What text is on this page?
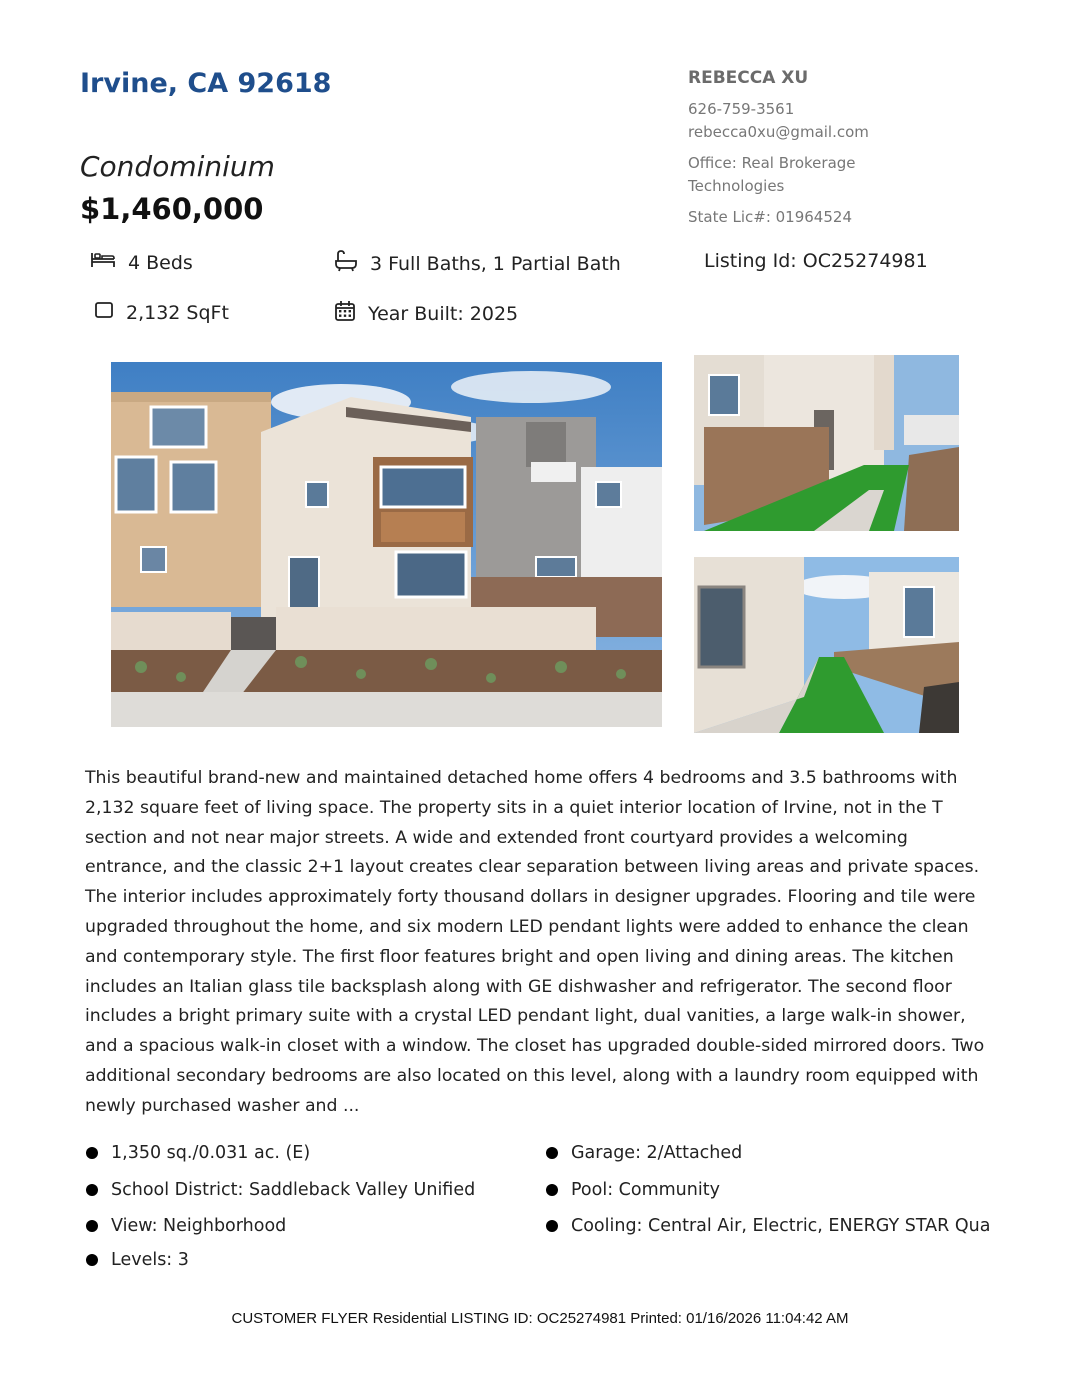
Irvine, CA 92618
Condominium
$1,460,000
REBECCA XU
626-759-3561
rebecca0xu@gmail.com
Office: Real Brokerage
Technologies
State Lic#: 01964524
4 Beds	3 Full Baths, 1 Partial Bath	Listing Id: OC25274981
2,132 SqFt	Year Built: 2025
This beautiful brand-new and maintained detached home offers 4 bedrooms and 3.5 bathrooms with 2,132 square feet of living space. The property sits in a quiet interior location of Irvine, not in the T section and not near major streets. A wide and extended front courtyard provides a welcoming entrance, and the classic 2+1 layout creates clear separation between living areas and private spaces. The interior includes approximately forty thousand dollars in designer upgrades. Flooring and tile were upgraded throughout the home, and six modern LED pendant lights were added to enhance the clean and contemporary style. The first floor features bright and open living and dining areas. The kitchen includes an Italian glass tile backsplash along with GE dishwasher and refrigerator. The second floor includes a bright primary suite with a crystal LED pendant light, dual vanities, a large walk-in shower, and a spacious walk-in closet with a window. The closet has upgraded double-sided mirrored doors. Two additional secondary bedrooms are also located on this level, along with a laundry room equipped with newly purchased washer and ...
1,350 sq./0.031 ac. (E)
School District: Saddleback Valley Unified
View: Neighborhood
Levels: 3
Garage: 2/Attached
Pool: Community
Cooling: Central Air, Electric, ENERGY STAR Qua
CUSTOMER FLYER Residential LISTING ID: OC25274981 Printed: 01/16/2026 11:04:42 AM
